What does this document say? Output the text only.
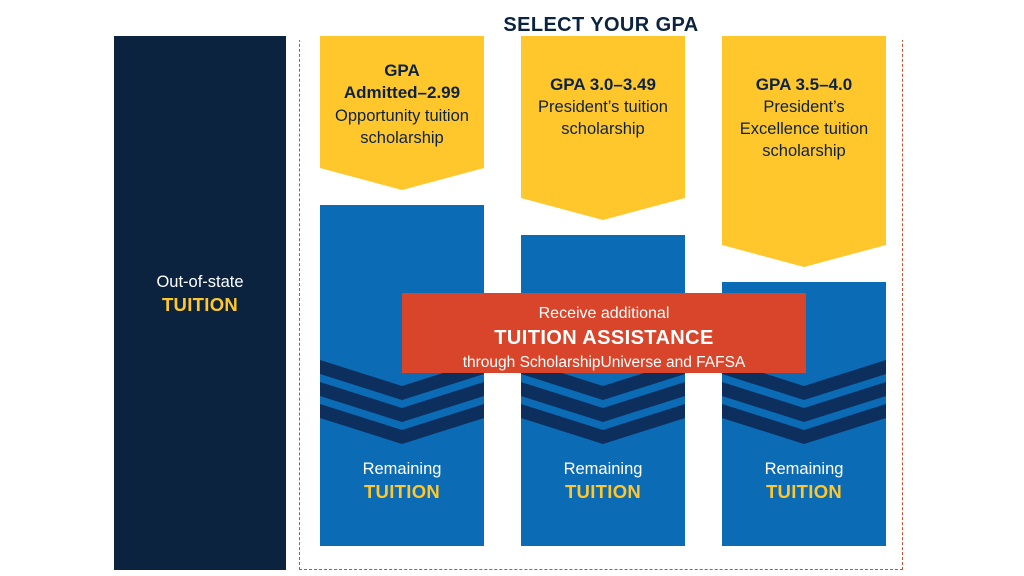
Out-of-state
TUITION
SELECT YOUR GPA
GPA
Admitted–2.99
Opportunity tuition scholarship
Remaining
TUITION
GPA 3.0–3.49
President’s tuition scholarship
Remaining
TUITION
GPA 3.5–4.0
President’s Excellence tuition scholarship
Remaining
TUITION
Receive additional
TUITION ASSISTANCE
through ScholarshipUniverse and FAFSA
